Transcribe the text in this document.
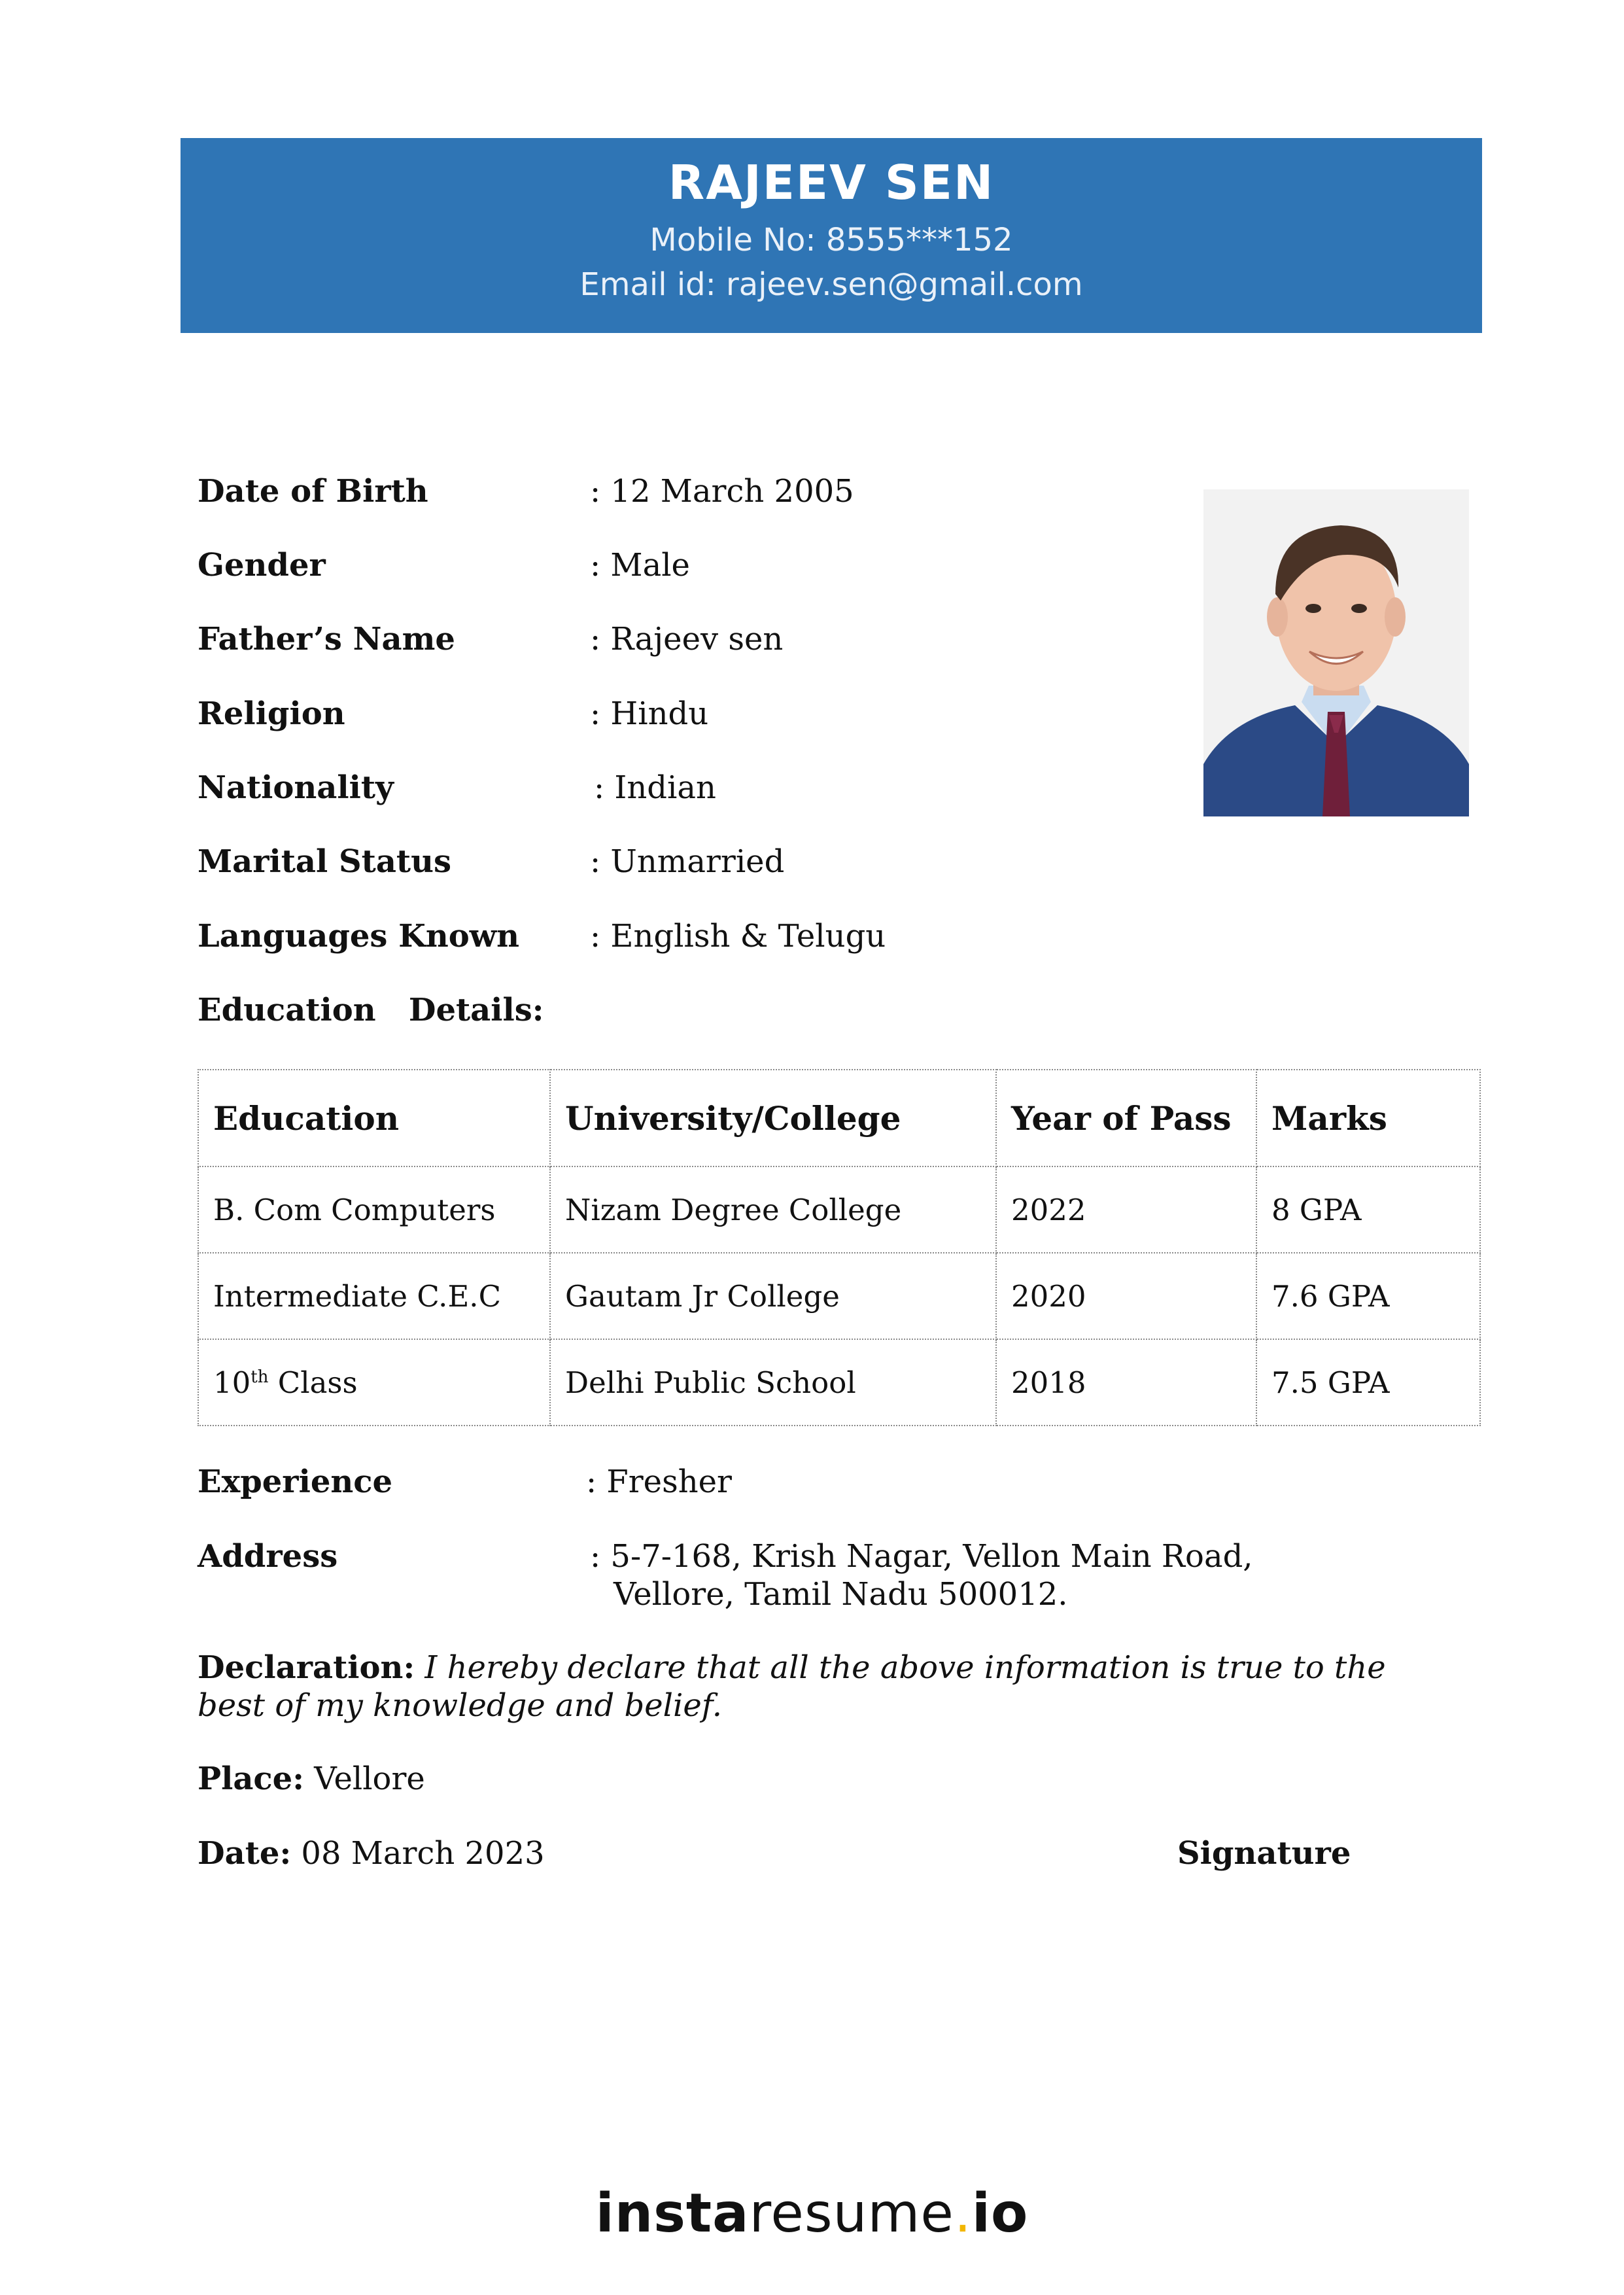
RAJEEV SEN
Mobile No: 8555***152
Email id: rajeev.sen@gmail.com
Date of Birth	: 12 March 2005
Gender	: Male
Father’s Name	: Rajeev sen
Religion	: Hindu
Nationality	: Indian
Marital Status	: Unmarried
Languages Known : English & Telugu
Education   Details:
Education	University/College	Year of Pass	Marks
B. Com Computers	Nizam Degree College	2022	8 GPA
Intermediate C.E.C	Gautam Jr College	2020	7.6 GPA
10th Class	Delhi Public School	2018	7.5 GPA
Experience	: Fresher
Address	: 5-7-168, Krish Nagar, Vellon Main Road,
Vellore, Tamil Nadu 500012.
Declaration: I hereby declare that all the above information is true to the best of my knowledge and belief.
Place: Vellore
Date: 08 March 2023	Signature
instaresume.io
